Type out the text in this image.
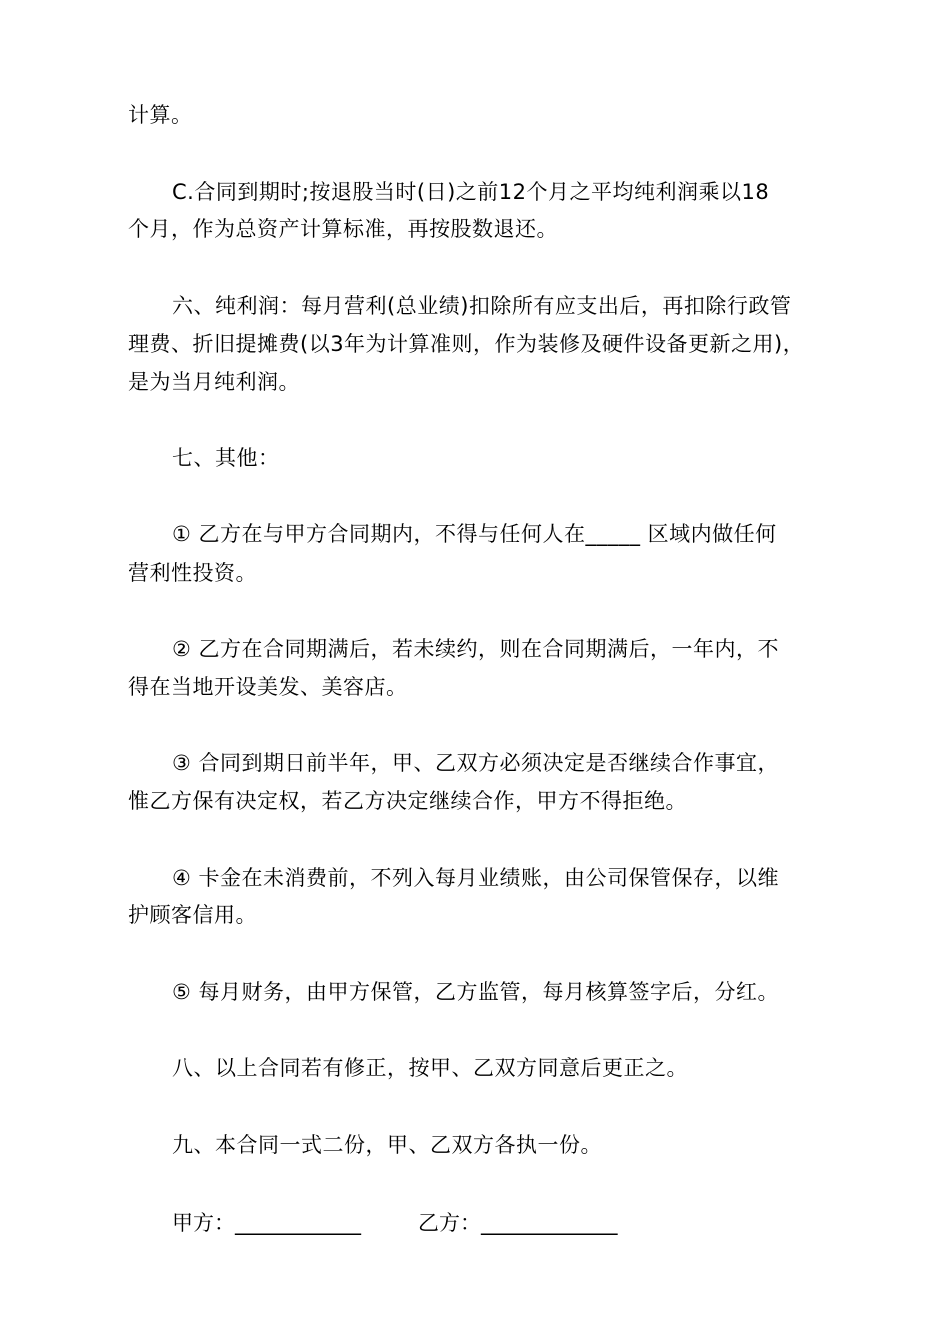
计算。
C.合同到期时;按退股当时(日)之前12个月之平均纯利润乘以18
个月，作为总资产计算标准，再按股数退还。
六、纯利润：每月营利(总业绩)扣除所有应支出后，再扣除行政管
理费、折旧提摊费(以3年为计算准则，作为装修及硬件设备更新之用)，
是为当月纯利润。
七、其他：
① 乙方在与甲方合同期内，不得与任何人在_____ 区域内做任何
营利性投资。
② 乙方在合同期满后，若未续约，则在合同期满后，一年内，不
得在当地开设美发、美容店。
③ 合同到期日前半年，甲、乙双方必须决定是否继续合作事宜，
惟乙方保有决定权，若乙方决定继续合作，甲方不得拒绝。
④ 卡金在未消费前，不列入每月业绩账，由公司保管保存，以维
护顾客信用。
⑤ 每月财务，由甲方保管，乙方监管，每月核算签字后，分红。
八、以上合同若有修正，按甲、乙双方同意后更正之。
九、本合同一式二份，甲、乙双方各执一份。
甲方：____________	乙方：_____________
